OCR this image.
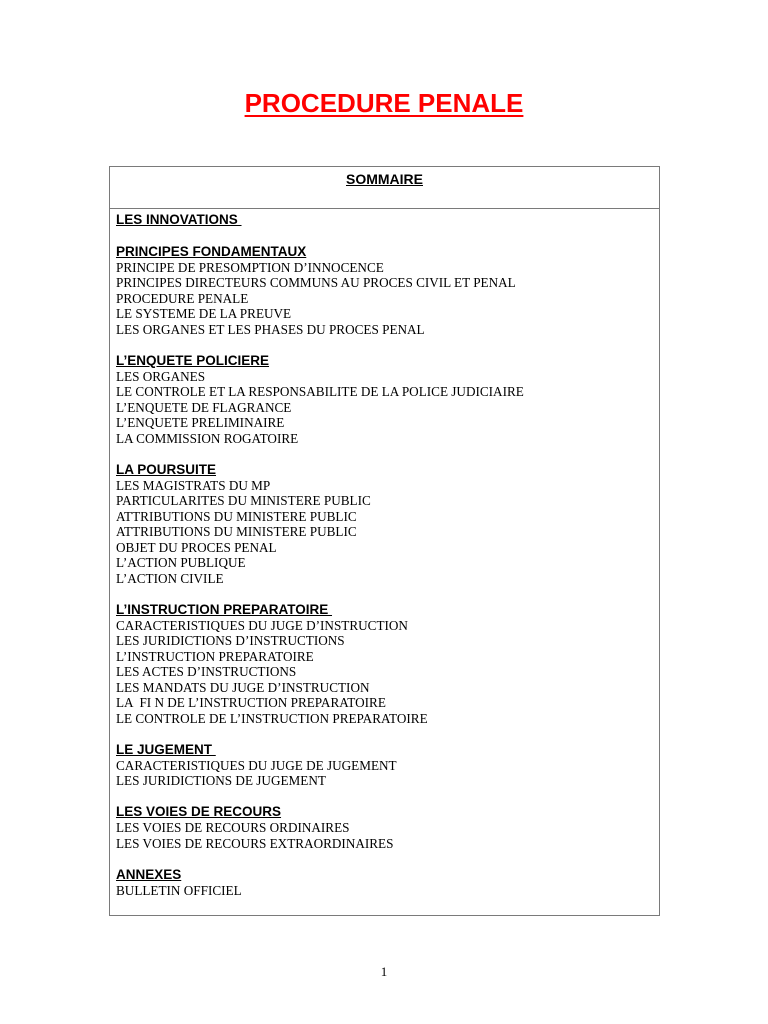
PROCEDURE PENALE
SOMMAIRE
LES INNOVATIONS
PRINCIPES FONDAMENTAUX
PRINCIPE DE PRESOMPTION D’INNOCENCE
PRINCIPES DIRECTEURS COMMUNS AU PROCES CIVIL ET PENAL
PROCEDURE PENALE
LE SYSTEME DE LA PREUVE
LES ORGANES ET LES PHASES DU PROCES PENAL
L’ENQUETE POLICIERE
LES ORGANES
LE CONTROLE ET LA RESPONSABILITE DE LA POLICE JUDICIAIRE
L’ENQUETE DE FLAGRANCE
L’ENQUETE PRELIMINAIRE
LA COMMISSION ROGATOIRE
LA POURSUITE
LES MAGISTRATS DU MP
PARTICULARITES DU MINISTERE PUBLIC
ATTRIBUTIONS DU MINISTERE PUBLIC
ATTRIBUTIONS DU MINISTERE PUBLIC
OBJET DU PROCES PENAL
L’ACTION PUBLIQUE
L’ACTION CIVILE
L’INSTRUCTION PREPARATOIRE
CARACTERISTIQUES DU JUGE D’INSTRUCTION
LES JURIDICTIONS D’INSTRUCTIONS
L’INSTRUCTION PREPARATOIRE
LES ACTES D’INSTRUCTIONS
LES MANDATS DU JUGE D’INSTRUCTION
LA  FI N DE L’INSTRUCTION PREPARATOIRE
LE CONTROLE DE L’INSTRUCTION PREPARATOIRE
LE JUGEMENT
CARACTERISTIQUES DU JUGE DE JUGEMENT
LES JURIDICTIONS DE JUGEMENT
LES VOIES DE RECOURS
LES VOIES DE RECOURS ORDINAIRES
LES VOIES DE RECOURS EXTRAORDINAIRES
ANNEXES
BULLETIN OFFICIEL
1
